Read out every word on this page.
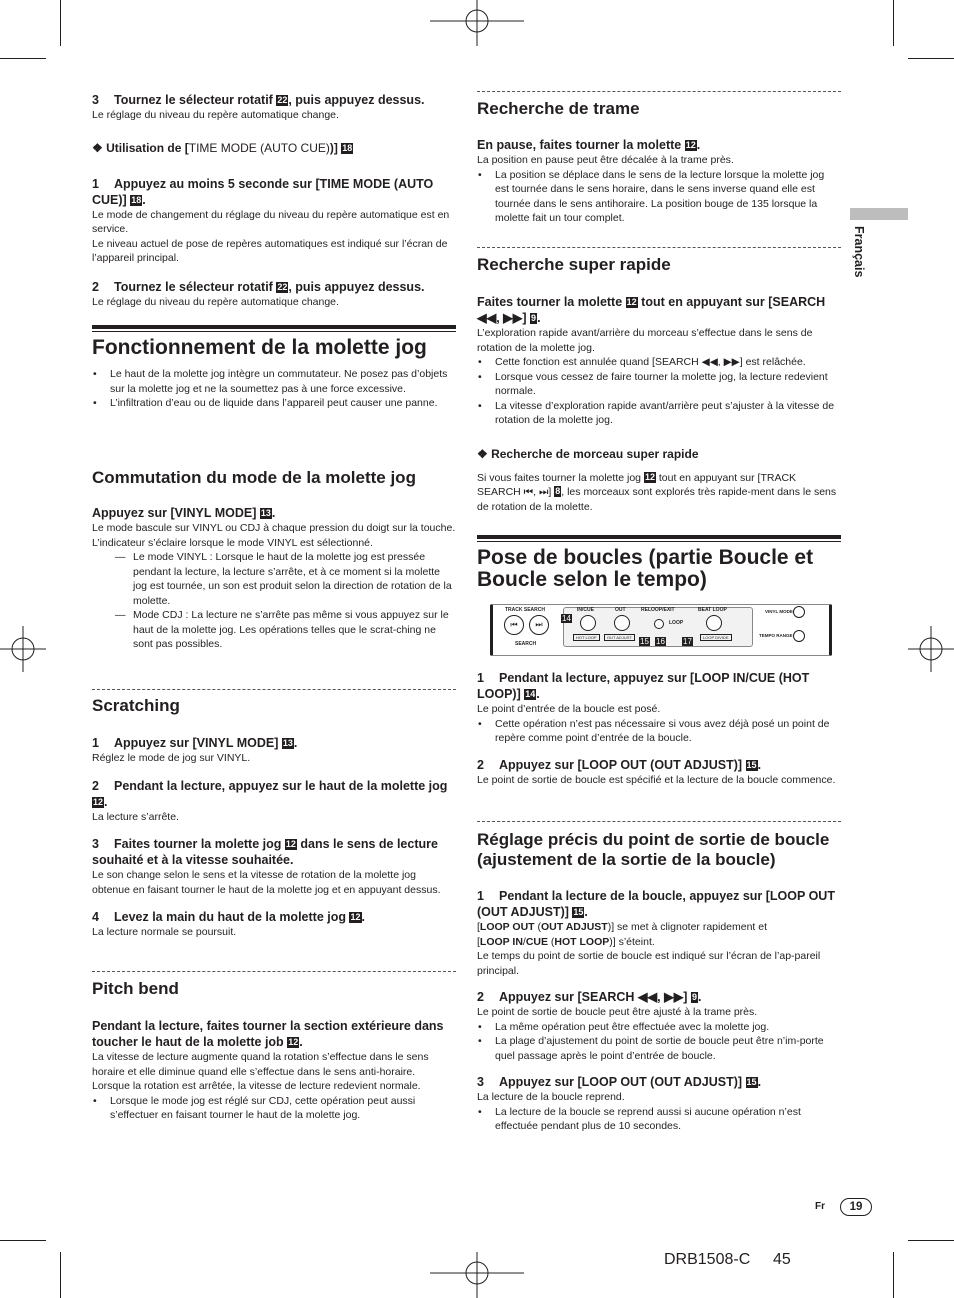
3 Tournez le sélecteur rotatif 22, puis appuyez dessus.

Le réglage du niveau du repère automatique change.

❖ Utilisation de [TIME MODE (AUTO CUE))] 18

1 Appuyez au moins 5 seconde sur [TIME MODE (AUTO CUE)] 18.

Le mode de changement du réglage du niveau du repère automatique est en service.

Le niveau actuel de pose de repères automatiques est indiqué sur l’écran de l’appareil principal.

2 Tournez le sélecteur rotatif 22, puis appuyez dessus.

Le réglage du niveau du repère automatique change.

Fonctionnement de la molette jog

• Le haut de la molette jog intègre un commutateur. Ne posez pas d’objets sur la molette jog et ne la soumettez pas à une force excessive.

• L’infiltration d’eau ou de liquide dans l’appareil peut causer une panne.

Commutation du mode de la molette jog

Appuyez sur [VINYL MODE] 13.

Le mode bascule sur VINYL ou CDJ à chaque pression du doigt sur la touche.

L’indicateur s’éclaire lorsque le mode VINYL est sélectionné.

— Le mode VINYL : Lorsque le haut de la molette jog est pressée pendant la lecture, la lecture s’arrête, et à ce moment si la molette jog est tournée, un son est produit selon la direction de rotation de la molette.

— Mode CDJ : La lecture ne s’arrête pas même si vous appuyez sur le haut de la molette jog. Les opérations telles que le scrat-ching ne sont pas possibles.

Scratching

1 Appuyez sur [VINYL MODE] 13.

Réglez le mode de jog sur VINYL.

2 Pendant la lecture, appuyez sur le haut de la molette jog 12.

La lecture s’arrête.

3 Faites tourner la molette jog 12 dans le sens de lecture souhaité et à la vitesse souhaitée.

Le son change selon le sens et la vitesse de rotation de la molette jog obtenue en faisant tourner le haut de la molette jog et en appuyant dessus.

4 Levez la main du haut de la molette jog 12.

La lecture normale se poursuit.

Pitch bend

Pendant la lecture, faites tourner la section extérieure dans toucher le haut de la molette job 12.

La vitesse de lecture augmente quand la rotation s’effectue dans le sens horaire et elle diminue quand elle s’effectue dans le sens anti-horaire. Lorsque la rotation est arrêtée, la vitesse de lecture redevient normale.

• Lorsque le mode jog est réglé sur CDJ, cette opération peut aussi s’effectuer en faisant tourner le haut de la molette jog.

Recherche de trame

En pause, faites tourner la molette 12.

La position en pause peut être décalée à la trame près.

• La position se déplace dans le sens de la lecture lorsque la molette jog est tournée dans le sens horaire, dans le sens inverse quand elle est tournée dans le sens antihoraire. La position bouge de 135 lorsque la molette fait un tour complet.

Recherche super rapide

Faites tourner la molette 12 tout en appuyant sur [SEARCH ◀◀, ▶▶] 9.

L’exploration rapide avant/arrière du morceau s’effectue dans le sens de rotation de la molette jog.

• Cette fonction est annulée quand [SEARCH ◀◀, ▶▶] est relâchée.

• Lorsque vous cessez de faire tourner la molette jog, la lecture redevient normale.

• La vitesse d’exploration rapide avant/arrière peut s’ajuster à la vitesse de rotation de la molette jog.

❖ Recherche de morceau super rapide

Si vous faites tourner la molette jog 12 tout en appuyant sur [TRACK SEARCH ⏮, ⏭] 8, les morceaux sont explorés très rapide-ment dans le sens de rotation de la molette.

Pose de boucles (partie Boucle et Boucle selon le tempo)

TRACK SEARCH
⏮	⏭
SEARCH
14
IN/CUE	OUT	RELOOP/EXIT	BEAT LOOP
LOOP
HOT LOOP	OUT ADJUST	LOOP DIVIDE
15 16 17
VINYL MODE
TEMPO RANGE

1 Pendant la lecture, appuyez sur [LOOP IN/CUE (HOT LOOP)] 14.

Le point d’entrée de la boucle est posé.

• Cette opération n’est pas nécessaire si vous avez déjà posé un point de repère comme point d’entrée de la boucle.

2 Appuyez sur [LOOP OUT (OUT ADJUST)] 15.

Le point de sortie de boucle est spécifié et la lecture de la boucle commence.

Réglage précis du point de sortie de boucle (ajustement de la sortie de la boucle)

1 Pendant la lecture de la boucle, appuyez sur [LOOP OUT (OUT ADJUST)] 15.

[LOOP OUT (OUT ADJUST)] se met à clignoter rapidement et

[LOOP IN/CUE (HOT LOOP)] s’éteint.

Le temps du point de sortie de boucle est indiqué sur l’écran de l’ap-pareil principal.

2 Appuyez sur [SEARCH ◀◀, ▶▶] 9.

Le point de sortie de boucle peut être ajusté à la trame près.

• La même opération peut être effectuée avec la molette jog.

• La plage d’ajustement du point de sortie de boucle peut être n’im-porte quel passage après le point d’entrée de boucle.

3 Appuyez sur [LOOP OUT (OUT ADJUST)] 15.

La lecture de la boucle reprend.

• La lecture de la boucle se reprend aussi si aucune opération n’est effectuée pendant plus de 10 secondes.

Français
Fr	19
DRB1508-C 45
